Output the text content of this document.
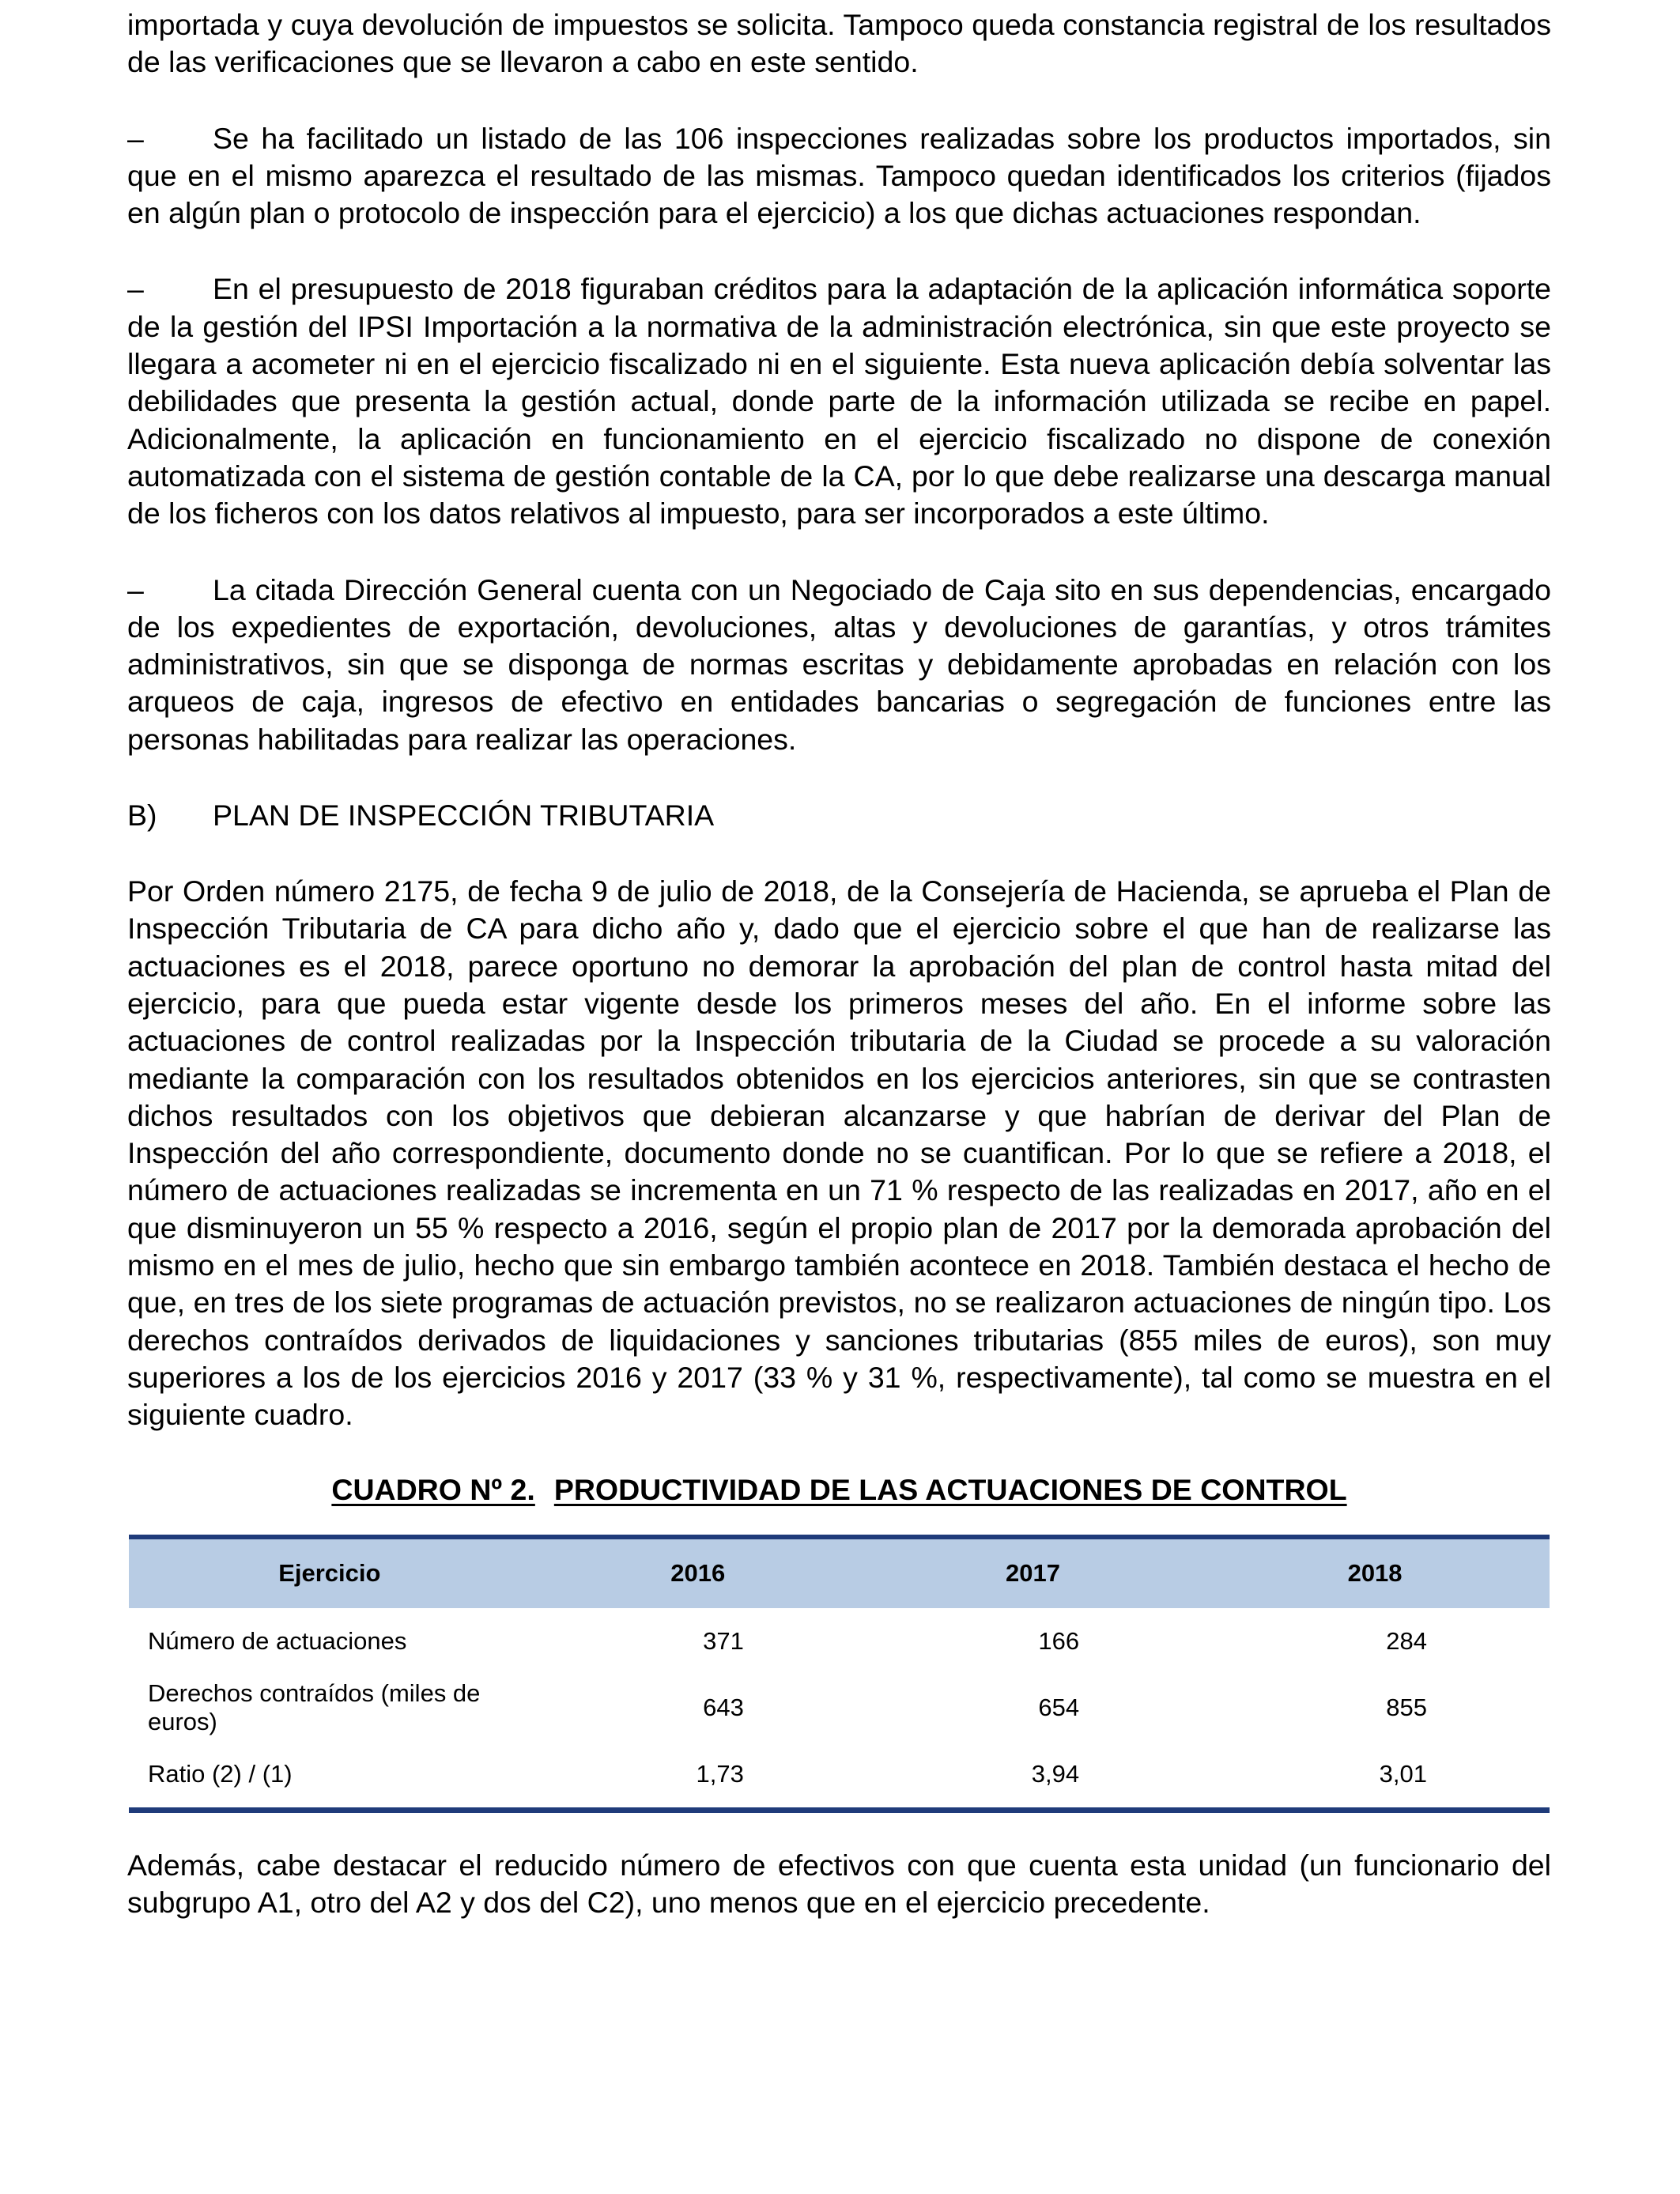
importada y cuya devolución de impuestos se solicita. Tampoco queda constancia registral de los resultados de las verificaciones que se llevaron a cabo en este sentido.

– Se ha facilitado un listado de las 106 inspecciones realizadas sobre los productos importados, sin que en el mismo aparezca el resultado de las mismas. Tampoco quedan identificados los criterios (fijados en algún plan o protocolo de inspección para el ejercicio) a los que dichas actuaciones respondan.

– En el presupuesto de 2018 figuraban créditos para la adaptación de la aplicación informática soporte de la gestión del IPSI Importación a la normativa de la administración electrónica, sin que este proyecto se llegara a acometer ni en el ejercicio fiscalizado ni en el siguiente. Esta nueva aplicación debía solventar las debilidades que presenta la gestión actual, donde parte de la información utilizada se recibe en papel. Adicionalmente, la aplicación en funcionamiento en el ejercicio fiscalizado no dispone de conexión automatizada con el sistema de gestión contable de la CA, por lo que debe realizarse una descarga manual de los ficheros con los datos relativos al impuesto, para ser incorporados a este último.

– La citada Dirección General cuenta con un Negociado de Caja sito en sus dependencias, encargado de los expedientes de exportación, devoluciones, altas y devoluciones de garantías, y otros trámites administrativos, sin que se disponga de normas escritas y debidamente aprobadas en relación con los arqueos de caja, ingresos de efectivo en entidades bancarias o segregación de funciones entre las personas habilitadas para realizar las operaciones.

B) PLAN DE INSPECCIÓN TRIBUTARIA

Por Orden número 2175, de fecha 9 de julio de 2018, de la Consejería de Hacienda, se aprueba el Plan de Inspección Tributaria de CA para dicho año y, dado que el ejercicio sobre el que han de realizarse las actuaciones es el 2018, parece oportuno no demorar la aprobación del plan de control hasta mitad del ejercicio, para que pueda estar vigente desde los primeros meses del año. En el informe sobre las actuaciones de control realizadas por la Inspección tributaria de la Ciudad se procede a su valoración mediante la comparación con los resultados obtenidos en los ejercicios anteriores, sin que se contrasten dichos resultados con los objetivos que debieran alcanzarse y que habrían de derivar del Plan de Inspección del año correspondiente, documento donde no se cuantifican. Por lo que se refiere a 2018, el número de actuaciones realizadas se incrementa en un 71 % respecto de las realizadas en 2017, año en el que disminuyeron un 55 % respecto a 2016, según el propio plan de 2017 por la demorada aprobación del mismo en el mes de julio, hecho que sin embargo también acontece en 2018. También destaca el hecho de que, en tres de los siete programas de actuación previstos, no se realizaron actuaciones de ningún tipo. Los derechos contraídos derivados de liquidaciones y sanciones tributarias (855 miles de euros), son muy superiores a los de los ejercicios 2016 y 2017 (33 % y 31 %, respectivamente), tal como se muestra en el siguiente cuadro.

CUADRO Nº 2. PRODUCTIVIDAD DE LAS ACTUACIONES DE CONTROL

Ejercicio	2016	2017	2018
Número de actuaciones	371	166	284
Derechos contraídos (miles de euros)	643	654	855
Ratio (2) / (1)	1,73	3,94	3,01

Además, cabe destacar el reducido número de efectivos con que cuenta esta unidad (un funcionario del subgrupo A1, otro del A2 y dos del C2), uno menos que en el ejercicio precedente.
